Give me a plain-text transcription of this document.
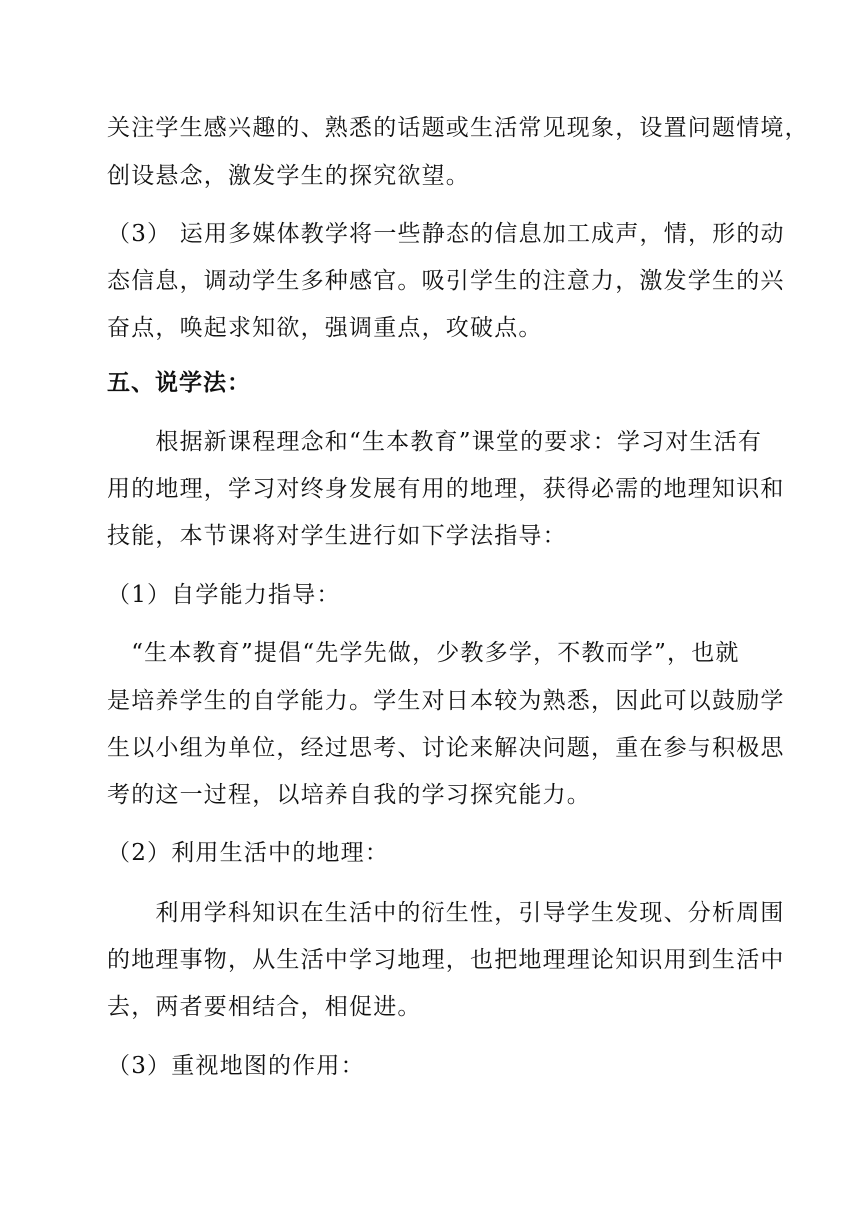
关注学生感兴趣的、熟悉的话题或生活常见现象，设置问题情境，
创设悬念，激发学生的探究欲望。
（3） 运用多媒体教学将一些静态的信息加工成声，情，形的动
态信息，调动学生多种感官。吸引学生的注意力，激发学生的兴
奋点，唤起求知欲，强调重点，攻破点。
五、说学法：
　　根据新课程理念和“生本教育”课堂的要求：学习对生活有
用的地理，学习对终身发展有用的地理，获得必需的地理知识和
技能，本节课将对学生进行如下学法指导：
（1）自学能力指导：
　“生本教育”提倡“先学先做，少教多学，不教而学”，也就
是培养学生的自学能力。学生对日本较为熟悉，因此可以鼓励学
生以小组为单位，经过思考、讨论来解决问题，重在参与积极思
考的这一过程，以培养自我的学习探究能力。
（2）利用生活中的地理：
　　利用学科知识在生活中的衍生性，引导学生发现、分析周围
的地理事物，从生活中学习地理，也把地理理论知识用到生活中
去，两者要相结合，相促进。
（3）重视地图的作用：
